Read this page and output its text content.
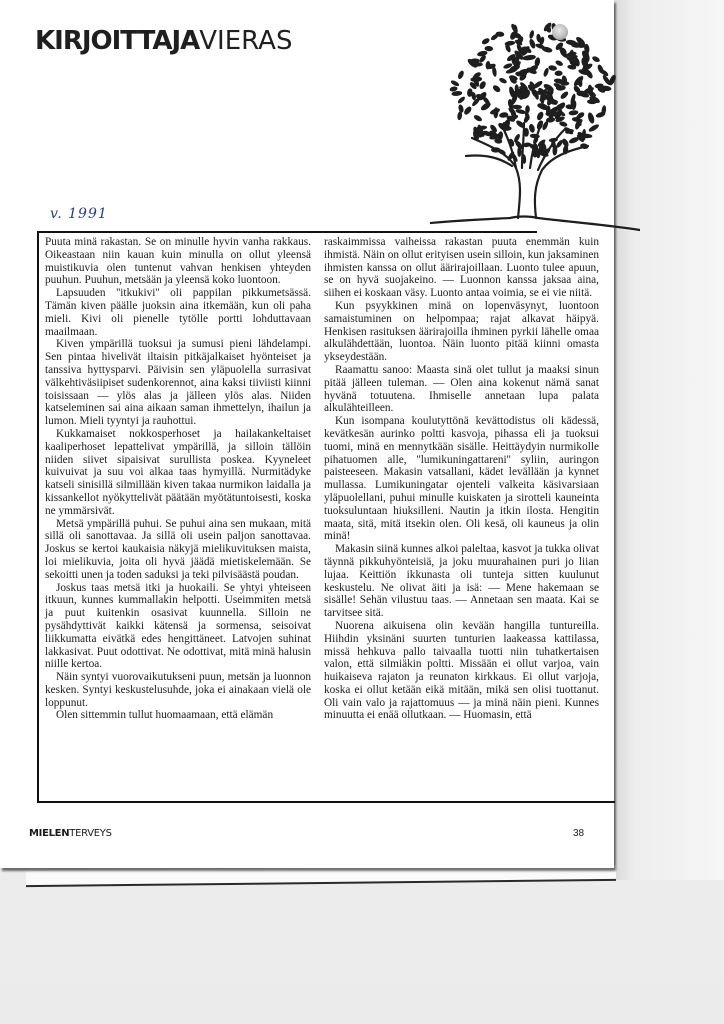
KIRJOITTAJAVIERAS
v. 1991

Puuta minä rakastan. Se on minulle hyvin vanha rakkaus. Oikeastaan niin kauan kuin minulla on ollut yleensä muistikuvia olen tuntenut vahvan henkisen yhteyden puuhun. Puuhun, metsään ja yleensä koko luontoon.

Lapsuuden ''itkukivi'' oli pappilan pikkumetsässä. Tämän kiven päälle juoksin aina itkemään, kun oli paha mieli. Kivi oli pienelle tytölle portti lohduttavaan maailmaan.

Kiven ympärillä tuoksui ja sumusi pieni lähdelampi. Sen pintaa hivelivät iltaisin pitkäjalkaiset hyönteiset ja tanssiva hyttysparvi. Päivisin sen yläpuolella surrasivat välkehtiväsiipiset sudenkorennot, aina kaksi tiiviisti kiinni toisissaan — ylös alas ja jälleen ylös alas. Niiden katseleminen sai aina aikaan saman ihmettelyn, ihailun ja lumon. Mieli tyyntyi ja rauhottui.

Kukkamaiset nokkosperhoset ja hailakankeltaiset kaaliperhoset lepattelivat ympärillä, ja silloin tällöin niiden siivet sipaisivat surullista poskea. Kyyneleet kuivuivat ja suu voi alkaa taas hymyillä. Nurmitädyke katseli sinisillä silmillään kiven takaa nurmikon laidalla ja kissankellot nyökyttelivät päätään myötätuntoisesti, koska ne ymmärsivät.

Metsä ympärillä puhui. Se puhui aina sen mukaan, mitä sillä oli sanottavaa. Ja sillä oli usein paljon sanottavaa. Joskus se kertoi kaukaisia näkyjä mielikuvituksen maista, loi mielikuvia, joita oli hyvä jäädä mietiskelemään. Se sekoitti unen ja toden saduksi ja teki pilvisäästä poudan.

Joskus taas metsä itki ja huokaili. Se yhtyi yhteiseen itkuun, kunnes kummallakin helpotti. Useimmiten metsä ja puut kuitenkin osasivat kuunnella. Silloin ne pysähdyttivät kaikki kätensä ja sormensa, seisoivat liikkumatta eivätkä edes hengittäneet. Latvojen suhinat lakkasivat. Puut odottivat. Ne odottivat, mitä minä halusin niille kertoa.

Näin syntyi vuorovaikutukseni puun, metsän ja luonnon kesken. Syntyi keskustelusuhde, joka ei ainakaan vielä ole loppunut.

Olen sittemmin tullut huomaamaan, että elämän

raskaimmissa vaiheissa rakastan puuta enemmän kuin ihmistä. Näin on ollut erityisen usein silloin, kun jaksaminen ihmisten kanssa on ollut äärirajoillaan. Luonto tulee apuun, se on hyvä suojakeino. — Luonnon kanssa jaksaa aina, siihen ei koskaan väsy. Luonto antaa voimia, se ei vie niitä.

Kun psyykkinen minä on lopenväsynyt, luontoon samaistuminen on helpompaa; rajat alkavat häipyä. Henkisen rasituksen äärirajoilla ihminen pyrkii lähelle omaa alkulähdettään, luontoa. Näin luonto pitää kiinni omasta ykseydestään.

Raamattu sanoo: Maasta sinä olet tullut ja maaksi sinun pitää jälleen tuleman. — Olen aina kokenut nämä sanat hyvänä totuutena. Ihmiselle annetaan lupa palata alkulähteilleen.

Kun isompana koulutyttönä kevättodistus oli kädessä, kevätkesän aurinko poltti kasvoja, pihassa eli ja tuoksui tuomi, minä en mennytkään sisälle. Heittäydyin nurmikolle pihatuomen alle, ''lumikuningattareni'' syliin, auringon paisteeseen. Makasin vatsallani, kädet levällään ja kynnet mullassa. Lumikuningatar ojenteli valkeita käsivarsiaan yläpuolellani, puhui minulle kuiskaten ja sirotteli kauneinta tuoksuluntaan hiuksilleni. Nautin ja itkin ilosta. Hengitin maata, sitä, mitä itsekin olen. Oli kesä, oli kauneus ja olin minä!

Makasin siinä kunnes alkoi paleltaa, kasvot ja tukka olivat täynnä pikkuhyönteisiä, ja joku muurahainen puri jo liian lujaa. Keittiön ikkunasta oli tunteja sitten kuulunut keskustelu. Ne olivat äiti ja isä: — Mene hakemaan se sisälle! Sehän vilustuu taas. — Annetaan sen maata. Kai se tarvitsee sitä.

Nuorena aikuisena olin kevään hangilla tuntureilla. Hiihdin yksinäni suurten tunturien laakeassa kattilassa, missä hehkuva pallo taivaalla tuotti niin tuhatkertaisen valon, että silmiäkin poltti. Missään ei ollut varjoa, vain huikaiseva rajaton ja reunaton kirkkaus. Ei ollut varjoja, koska ei ollut ketään eikä mitään, mikä sen olisi tuottanut. Oli vain valo ja rajattomuus — ja minä näin pieni. Kunnes minuutta ei enää ollutkaan. — Huomasin, että

MIELENTERVEYS	38
